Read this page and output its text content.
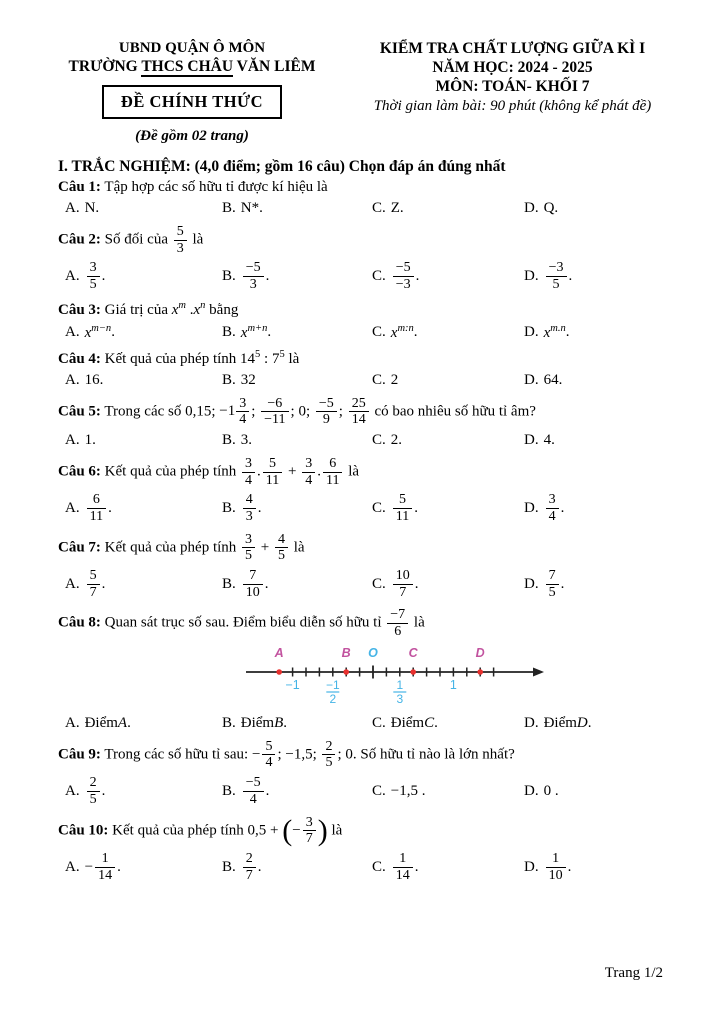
UBND QUẬN Ô MÔN
TRƯỜNG THCS CHÂU VĂN LIÊM
ĐỀ CHÍNH THỨC
(Đề gồm 02 trang)
KIỂM TRA CHẤT LƯỢNG GIỮA KÌ I
NĂM HỌC: 2024 - 2025
MÔN: TOÁN- KHỐI 7
Thời gian làm bài: 90 phút (không kể phát đề)
I. TRẮC NGHIỆM: (4,0 điểm; gồm 16 câu) Chọn đáp án đúng nhất
Câu 1: Tập hợp các số hữu tỉ được kí hiệu là
A. N.	B. N*.	C. Z.	D. Q.
Câu 2: Số đối của $\frac{5}{3}$ là
A. $\frac{3}{5}$ .	B. $\frac{-5}{3}$ .	C. $\frac{-5}{-3}$ .	D. $\frac{-3}{5}$ .
Câu 3: Giá trị của $x^m$ $.x^n$ bằng
A. $x^{m-n}$ .	B. $x^{m+n}$ .	C. $x^{m:n}$ .	D. $x^{m.n}$ .
Câu 4: Kết quả của phép tính $14^5$ : $7^5$ là
A. 16.	B. 32	C. 2	D. 64.
Câu 5: Trong các số 0,15; $-1 \frac{3}{4}$ ; $\frac{-6}{-11}$ ; 0; $\frac{-5}{9}$ ; $\frac{25}{14}$ có bao nhiêu số hữu tỉ âm?
A. 1.	B. 3.	C. 2.	D. 4.
Câu 6: Kết quả của phép tính $\frac{3}{4}$ . $\frac{5}{11} + \frac{3}{4}$ . $\frac{6}{11}$ là
A. $\frac{6}{11}$ .	B. $\frac{4}{3}$ .	C. $\frac{5}{11}$ .	D. $\frac{3}{4}$ .
Câu 7: Kết quả của phép tính $\frac{3}{5} + \frac{4}{5}$ là
A. $\frac{5}{7}$ .	B. $\frac{7}{10}$ .	C. $\frac{10}{7}$ .	D. $\frac{7}{5}$ .
Câu 8: Quan sát trục số sau. Điểm biểu diễn số hữu tỉ $\frac{-7}{6}$ là
A	B O C	D
−1 −1
2
1
3
1
A. Điểm A .	B. Điểm B .	C. Điểm C .	D. Điểm D .
Câu 9: Trong các số hữu tỉ sau: − $\frac{5}{4}$ ; −1,5; $\frac{2}{5}$ ; 0. Số hữu tỉ nào là lớn nhất?
A. $\frac{2}{5}$ .	B. $\frac{-5}{4}$ .	C. −1,5 .	D. 0 .
Câu 10: Kết quả của phép tính 0,5 + (− $\frac{3}{7}$ ) là
A. − $\frac{1}{14}$ .	B. $\frac{2}{7}$ .	C. $\frac{1}{14}$ .	D. $\frac{1}{10}$ .
Trang 1/2
